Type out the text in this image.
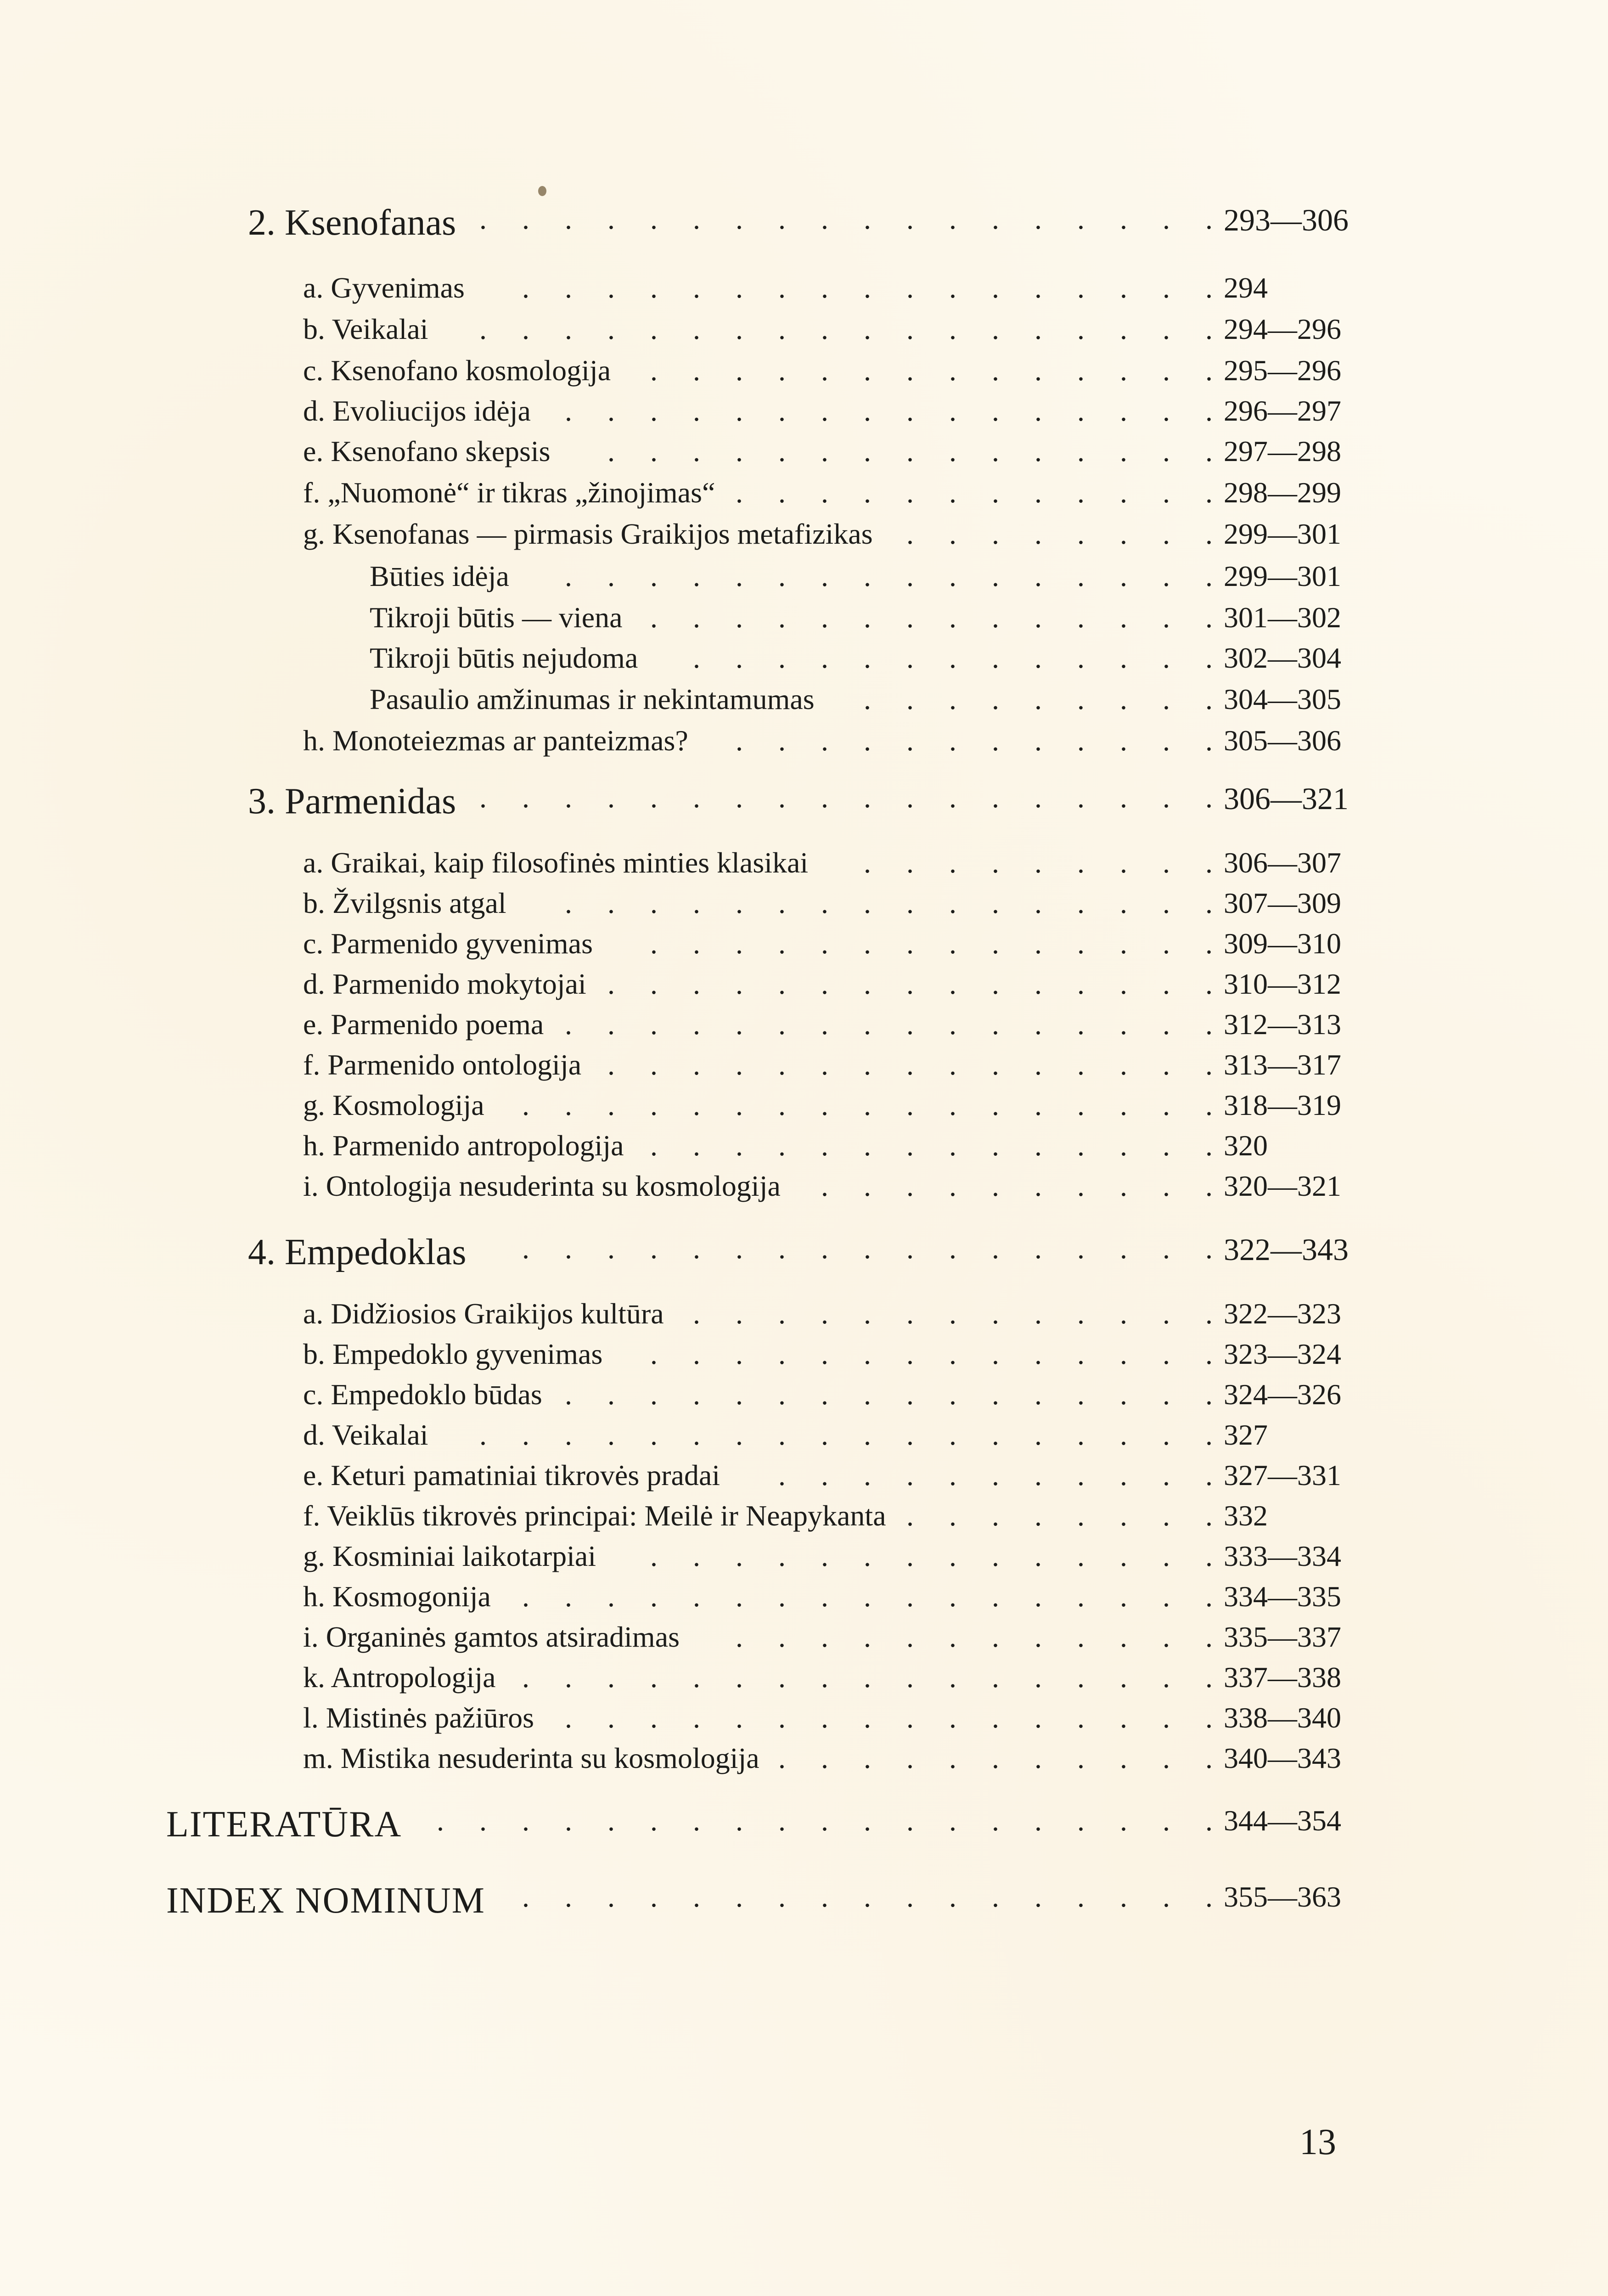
2. Ksenofanas . . . . . . . . . . . . . . . . . . 293—306
a. Gyvenimas . . . . . . . . . . . . . . . . . 294
b. Veikalai . . . . . . . . . . . . . . . . . . 294—296
c. Ksenofano kosmologija . . . . . . . . . . . . . . 295—296
d. Evoliucijos idėja . . . . . . . . . . . . . . . . 296—297
e. Ksenofano skepsis . . . . . . . . . . . . . . . 297—298
f. „Nuomonė“ ir tikras „žinojimas“ . . . . . . . . . . . . 298—299
g. Ksenofanas — pirmasis Graikijos metafizikas . . . . . . . . 299—301
Būties idėja . . . . . . . . . . . . . . . . 299—301
Tikroji būtis — viena . . . . . . . . . . . . . . 301—302
Tikroji būtis nejudoma . . . . . . . . . . . . . 302—304
Pasaulio amžinumas ir nekintamumas . . . . . . . . . 304—305
h. Monoteiezmas ar panteizmas? . . . . . . . . . . . . 305—306
3. Parmenidas . . . . . . . . . . . . . . . . . . 306—321
a. Graikai, kaip filosofinės minties klasikai . . . . . . . . . 306—307
b. Žvilgsnis atgal . . . . . . . . . . . . . . . . 307—309
c. Parmenido gyvenimas . . . . . . . . . . . . . . 309—310
d. Parmenido mokytojai . . . . . . . . . . . . . . . 310—312
e. Parmenido poema . . . . . . . . . . . . . . . . 312—313
f. Parmenido ontologija . . . . . . . . . . . . . . . 313—317
g. Kosmologija . . . . . . . . . . . . . . . . . 318—319
h. Parmenido antropologija . . . . . . . . . . . . . . 320
i. Ontologija nesuderinta su kosmologija . . . . . . . . . . 320—321
4. Empedoklas . . . . . . . . . . . . . . . . . 322—343
a. Didžiosios Graikijos kultūra . . . . . . . . . . . . . 322—323
b. Empedoklo gyvenimas . . . . . . . . . . . . . . 323—324
c. Empedoklo būdas . . . . . . . . . . . . . . . . 324—326
d. Veikalai . . . . . . . . . . . . . . . . . . 327
e. Keturi pamatiniai tikrovės pradai . . . . . . . . . . . 327—331
f. Veiklūs tikrovės principai: Meilė ir Neapykanta . . . . . . . . 332
g. Kosminiai laikotarpiai . . . . . . . . . . . . . . 333—334
h. Kosmogonija . . . . . . . . . . . . . . . . . 334—335
i. Organinės gamtos atsiradimas . . . . . . . . . . . . 335—337
k. Antropologija . . . . . . . . . . . . . . . . . 337—338
l. Mistinės pažiūros . . . . . . . . . . . . . . . . 338—340
m. Mistika nesuderinta su kosmologija . . . . . . . . . . . 340—343
LITERATŪRA . . . . . . . . . . . . . . . . . . . 344—354
INDEX NOMINUM . . . . . . . . . . . . . . . . . 355—363
13
